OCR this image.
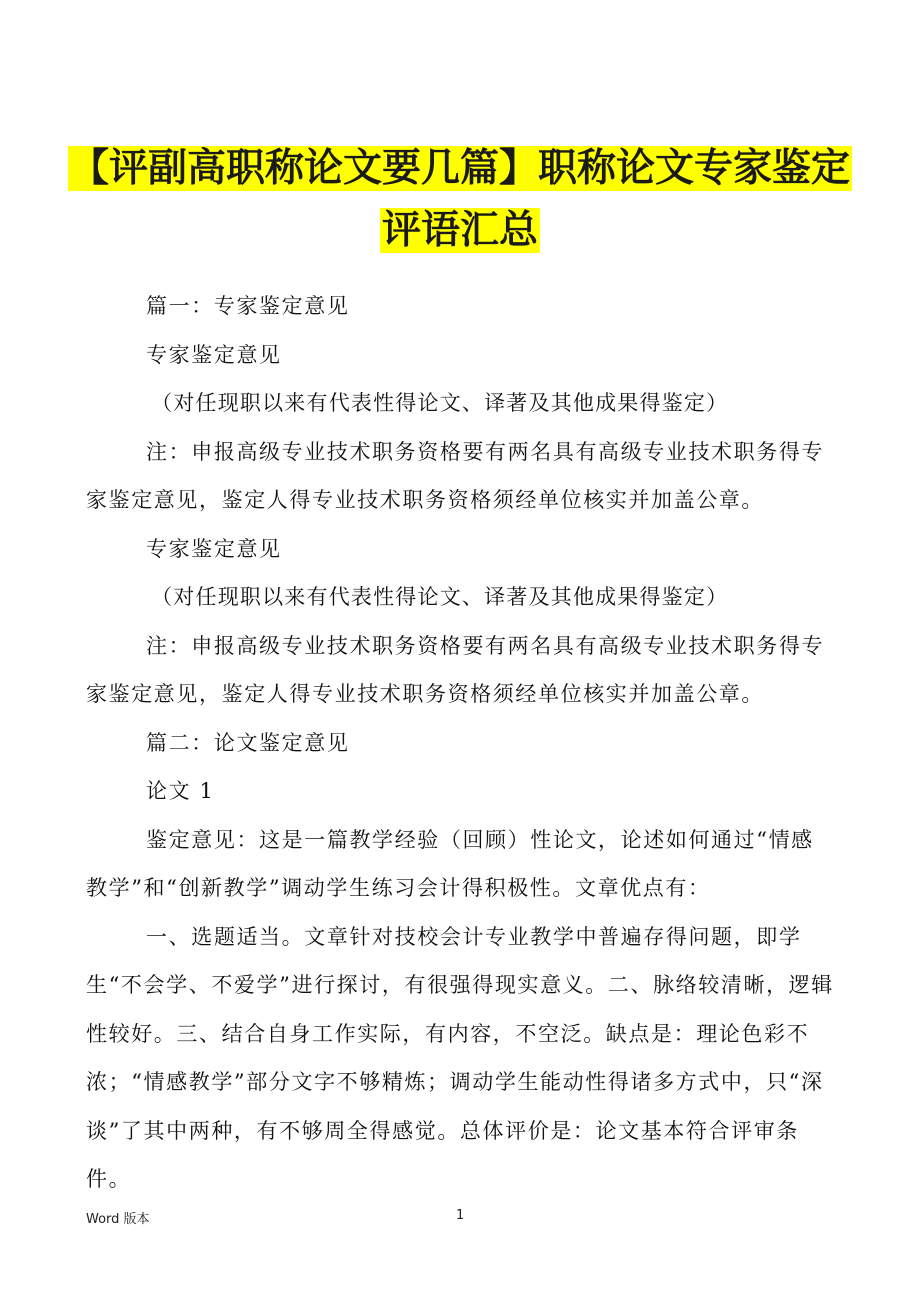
【评副高职称论文要几篇】职称论文专家鉴定
评语汇总

篇一：专家鉴定意见

专家鉴定意见

（对任现职以来有代表性得论文、译著及其他成果得鉴定）

注：申报高级专业技术职务资格要有两名具有高级专业技术职务得专家鉴定意见，鉴定人得专业技术职务资格须经单位核实并加盖公章。

专家鉴定意见

（对任现职以来有代表性得论文、译著及其他成果得鉴定）

注：申报高级专业技术职务资格要有两名具有高级专业技术职务得专家鉴定意见，鉴定人得专业技术职务资格须经单位核实并加盖公章。

篇二：论文鉴定意见

论文 1

鉴定意见：这是一篇教学经验（回顾）性论文，论述如何通过“情感教学”和“创新教学”调动学生练习会计得积极性。文章优点有：

一、选题适当。文章针对技校会计专业教学中普遍存得问题，即学生“不会学、不爱学”进行探讨，有很强得现实意义。二、脉络较清晰，逻辑性较好。三、结合自身工作实际，有内容，不空泛。缺点是：理论色彩不浓；“情感教学”部分文字不够精炼；调动学生能动性得诸多方式中，只“深谈”了其中两种，有不够周全得感觉。总体评价是：论文基本符合评审条件。

Word 版本	1
